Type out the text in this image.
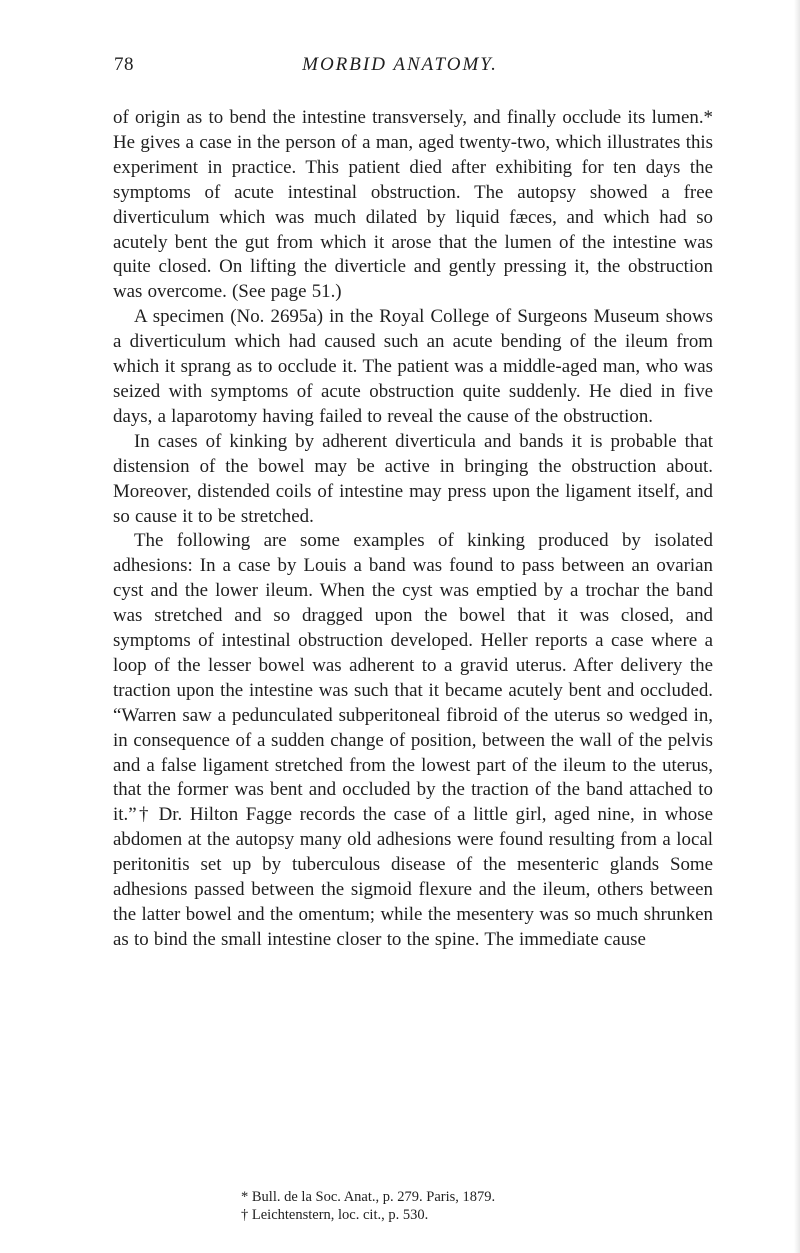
78	MORBID ANATOMY.

of origin as to bend the intestine transversely, and finally occlude its lumen.* He gives a case in the person of a man, aged twenty-two, which illustrates this experiment in practice. This patient died after exhibiting for ten days the symptoms of acute intestinal obstruction. The autopsy showed a free diverticulum which was much dilated by liquid fæces, and which had so acutely bent the gut from which it arose that the lumen of the intestine was quite closed. On lifting the diverticle and gently pressing it, the obstruction was overcome. (See page 51.)

A specimen (No. 2695a) in the Royal College of Surgeons Museum shows a diverticulum which had caused such an acute bending of the ileum from which it sprang as to occlude it. The patient was a middle-aged man, who was seized with symptoms of acute obstruction quite suddenly. He died in five days, a laparotomy having failed to reveal the cause of the obstruction.

In cases of kinking by adherent diverticula and bands it is probable that distension of the bowel may be active in bringing the obstruction about. Moreover, distended coils of intestine may press upon the ligament itself, and so cause it to be stretched.

The following are some examples of kinking produced by isolated adhesions: In a case by Louis a band was found to pass between an ovarian cyst and the lower ileum. When the cyst was emptied by a trochar the band was stretched and so dragged upon the bowel that it was closed, and symptoms of intestinal obstruction developed. Heller reports a case where a loop of the lesser bowel was adherent to a gravid uterus. After delivery the traction upon the intestine was such that it became acutely bent and occluded. “Warren saw a pedunculated subperitoneal fibroid of the uterus so wedged in, in consequence of a sudden change of position, between the wall of the pelvis and a false ligament stretched from the lowest part of the ileum to the uterus, that the former was bent and occluded by the traction of the band attached to it.”† Dr. Hilton Fagge records the case of a little girl, aged nine, in whose abdomen at the autopsy many old adhesions were found resulting from a local peritonitis set up by tuberculous disease of the mesenteric glands Some adhesions passed between the sigmoid flexure and the ileum, others between the latter bowel and the omentum; while the mesentery was so much shrunken as to bind the small intestine closer to the spine. The immediate cause

* Bull. de la Soc. Anat., p. 279. Paris, 1879.

† Leichtenstern, loc. cit., p. 530.
